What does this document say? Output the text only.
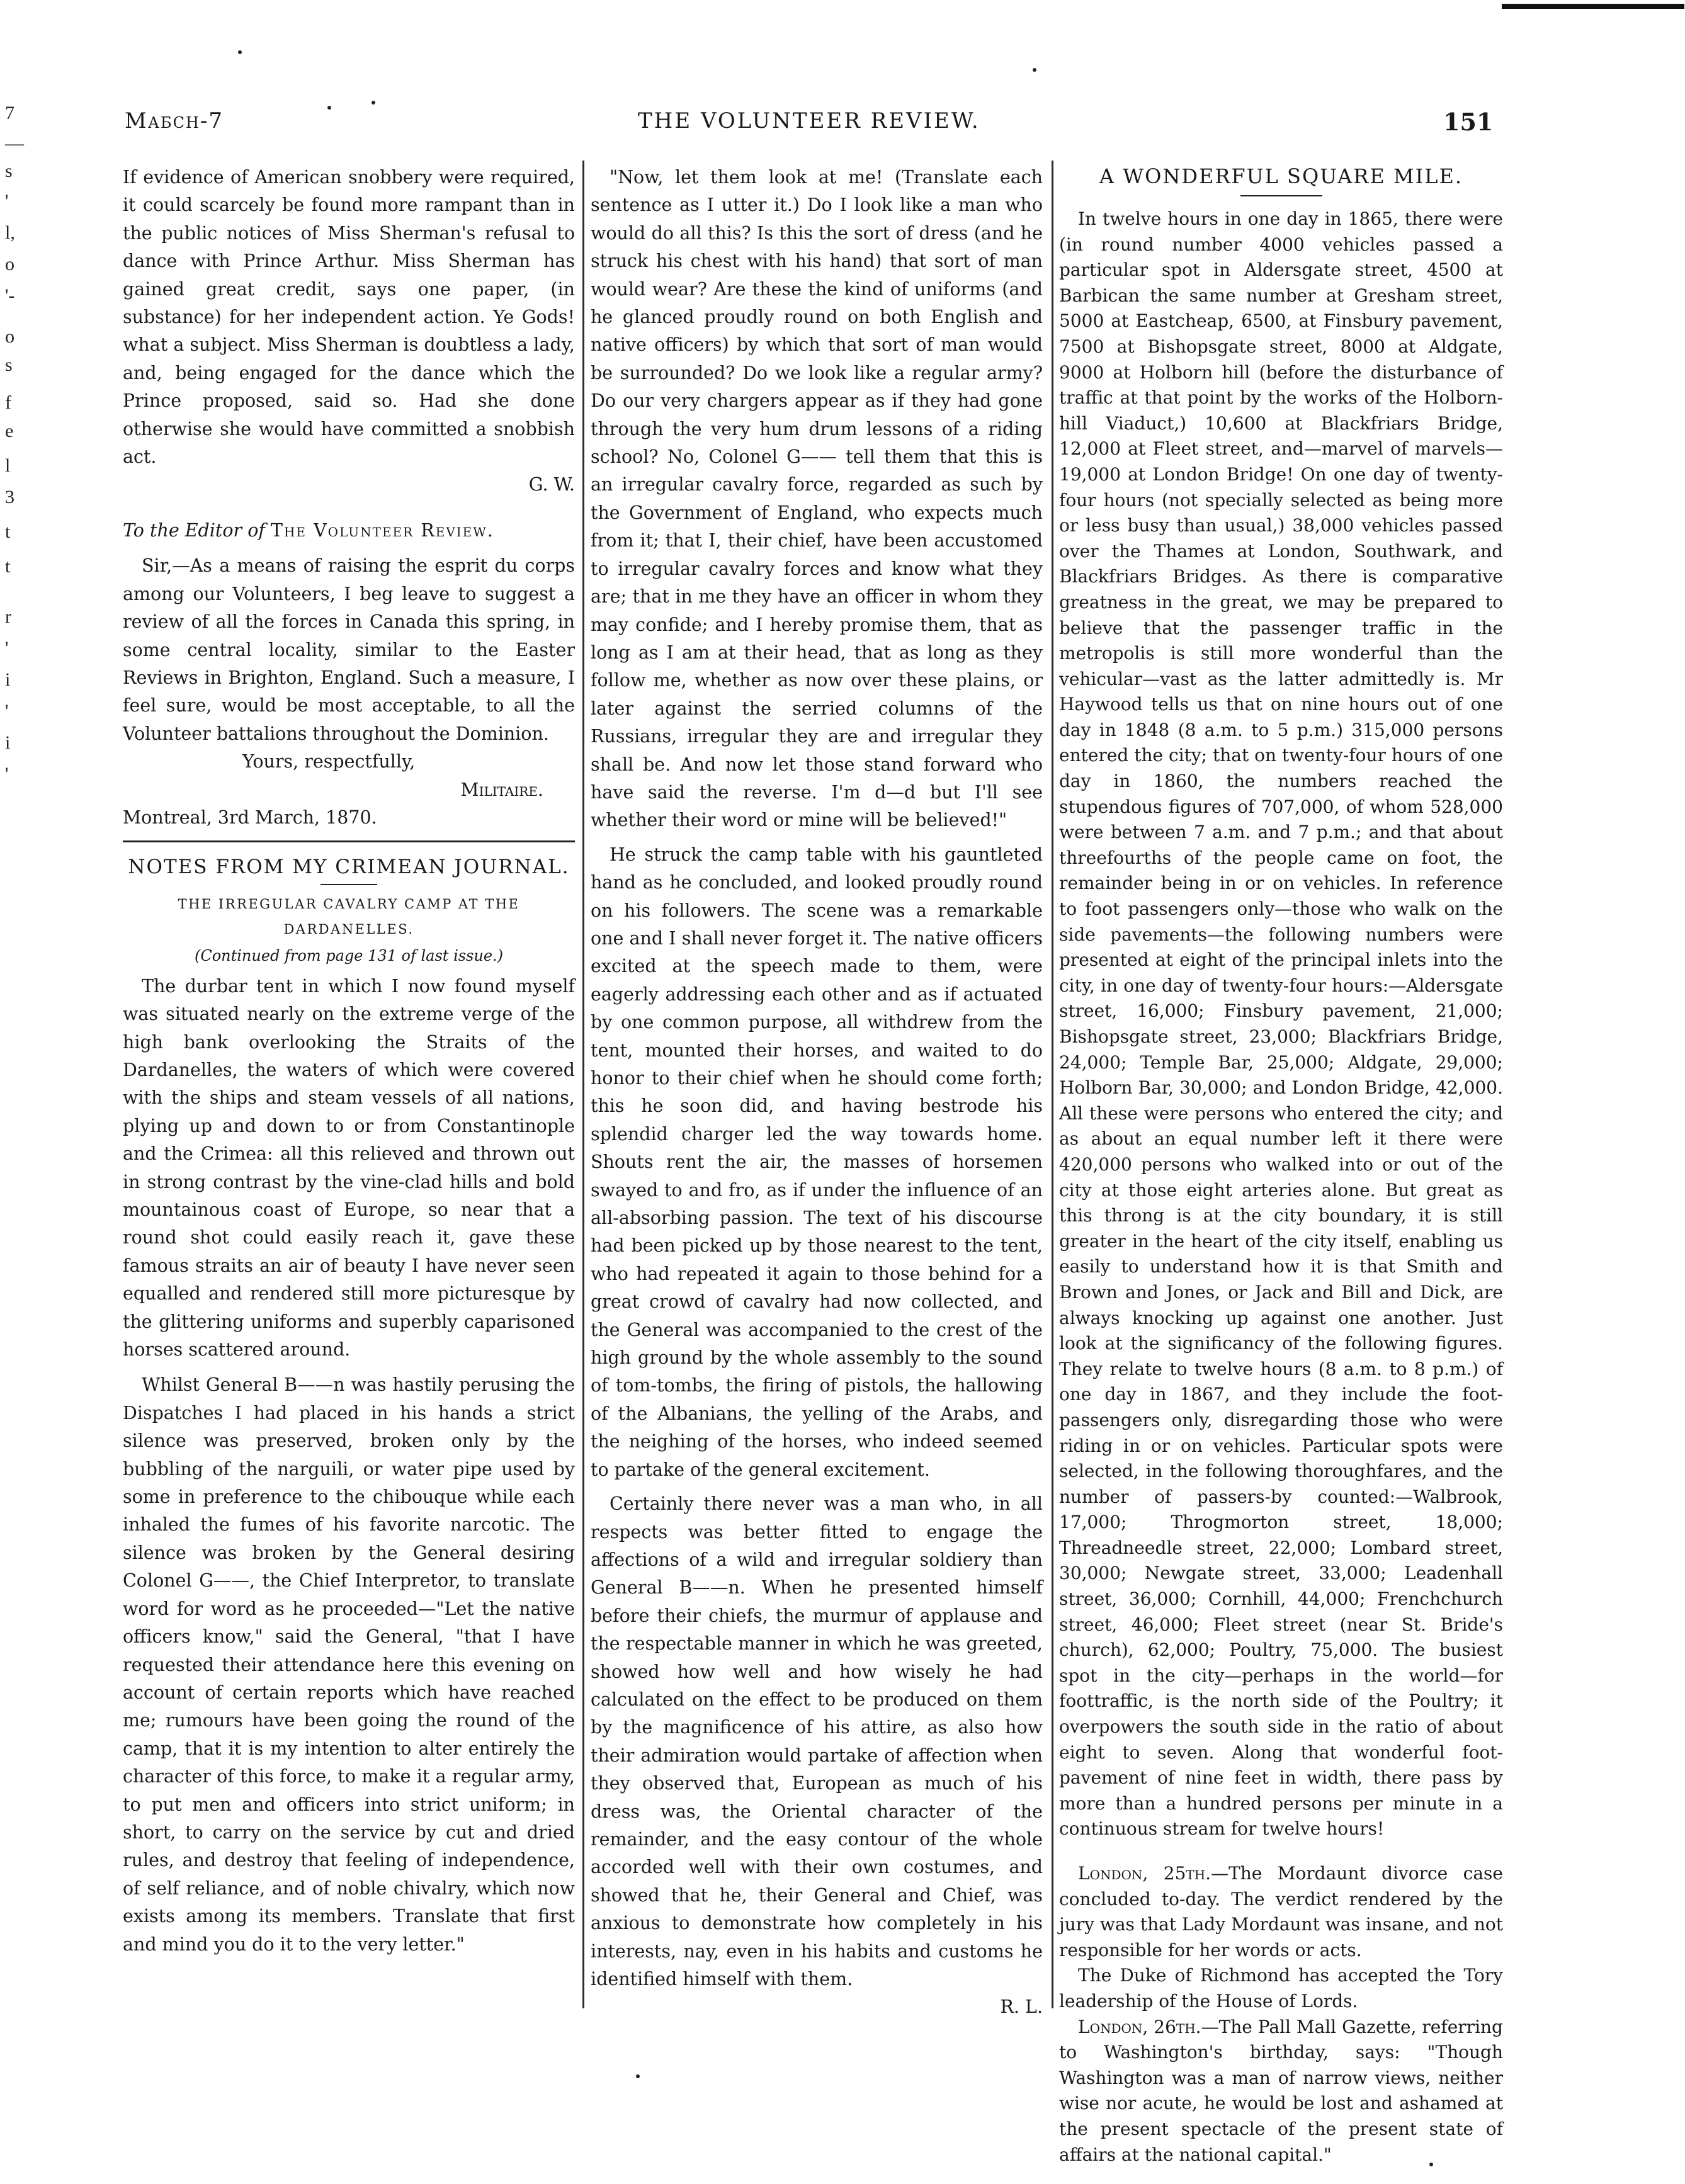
7
—
s
'
l,
o
'-
o
s
f
e
l
3
t
t
r
'
i
'
i
'
Mабch-7	THE VOLUNTEER REVIEW.	151

If evidence of American snobbery were required, it could scarcely be found more rampant than in the public notices of Miss Sherman's refusal to dance with Prince Arthur. Miss Sherman has gained great credit, says one paper, (in substance) for her independent action. Ye Gods! what a subject. Miss Sherman is doubtless a lady, and, being engaged for the dance which the Prince proposed, said so. Had she done otherwise she would have committed a snobbish act.

G. W.

To the Editor of The Volunteer Review.

Sir,—As a means of raising the esprit du corps among our Volunteers, I beg leave to suggest a review of all the forces in Canada this spring, in some central locality, similar to the Easter Reviews in Brighton, England. Such a measure, I feel sure, would be most acceptable, to all the Volunteer battalions throughout the Dominion.

Yours, respectfully,

Militaire.

Montreal, 3rd March, 1870.

NOTES FROM MY CRIMEAN JOURNAL.

THE IRREGULAR CAVALRY CAMP AT THE

DARDANELLES.

(Continued from page 131 of last issue.)

The durbar tent in which I now found myself was situated nearly on the extreme verge of the high bank overlooking the Straits of the Dardanelles, the waters of which were covered with the ships and steam vessels of all nations, plying up and down to or from Constantinople and the Crimea: all this relieved and thrown out in strong contrast by the vine-clad hills and bold mountainous coast of Europe, so near that a round shot could easily reach it, gave these famous straits an air of beauty I have never seen equalled and rendered still more picturesque by the glittering uniforms and superbly caparisoned horses scattered around.

Whilst General B——n was hastily perusing the Dispatches I had placed in his hands a strict silence was preserved, broken only by the bubbling of the narguili, or water pipe used by some in preference to the chibouque while each inhaled the fumes of his favorite narcotic. The silence was broken by the General desiring Colonel G——, the Chief Interpretor, to translate word for word as he proceeded—"Let the native officers know," said the General, "that I have requested their attendance here this evening on account of certain reports which have reached me; rumours have been going the round of the camp, that it is my intention to alter entirely the character of this force, to make it a regular army, to put men and officers into strict uniform; in short, to carry on the service by cut and dried rules, and destroy that feeling of independence, of self reliance, and of noble chivalry, which now exists among its members. Translate that first and mind you do it to the very letter."

"Now, let them look at me! (Translate each sentence as I utter it.) Do I look like a man who would do all this? Is this the sort of dress (and he struck his chest with his hand) that sort of man would wear? Are these the kind of uniforms (and he glanced proudly round on both English and native officers) by which that sort of man would be surrounded? Do we look like a regular army? Do our very chargers appear as if they had gone through the very hum drum lessons of a riding school? No, Colonel G—— tell them that this is an irregular cavalry force, regarded as such by the Government of England, who expects much from it; that I, their chief, have been accustomed to irregular cavalry forces and know what they are; that in me they have an officer in whom they may confide; and I hereby promise them, that as long as I am at their head, that as long as they follow me, whether as now over these plains, or later against the serried columns of the Russians, irregular they are and irregular they shall be. And now let those stand forward who have said the reverse. I'm d—d but I'll see whether their word or mine will be believed!"

He struck the camp table with his gauntleted hand as he concluded, and looked proudly round on his followers. The scene was a remarkable one and I shall never forget it. The native officers excited at the speech made to them, were eagerly addressing each other and as if actuated by one common purpose, all withdrew from the tent, mounted their horses, and waited to do honor to their chief when he should come forth; this he soon did, and having bestrode his splendid charger led the way towards home. Shouts rent the air, the masses of horsemen swayed to and fro, as if under the influence of an all-absorbing passion. The text of his discourse had been picked up by those nearest to the tent, who had repeated it again to those behind for a great crowd of cavalry had now collected, and the General was accompanied to the crest of the high ground by the whole assembly to the sound of tom-tombs, the firing of pistols, the hallowing of the Albanians, the yelling of the Arabs, and the neighing of the horses, who indeed seemed to partake of the general excitement.

Certainly there never was a man who, in all respects was better fitted to engage the affections of a wild and irregular soldiery than General B——n. When he presented himself before their chiefs, the murmur of applause and the respectable manner in which he was greeted, showed how well and how wisely he had calculated on the effect to be produced on them by the magnificence of his attire, as also how their admiration would partake of affection when they observed that, European as much of his dress was, the Oriental character of the remainder, and the easy contour of the whole accorded well with their own costumes, and showed that he, their General and Chief, was anxious to demonstrate how completely in his interests, nay, even in his habits and customs he identified himself with them.

R. L.

A WONDERFUL SQUARE MILE.

In twelve hours in one day in 1865, there were (in round number 4000 vehicles passed a particular spot in Aldersgate street, 4500 at Barbican the same number at Gresham street, 5000 at Eastcheap, 6500, at Finsbury pavement, 7500 at Bishopsgate street, 8000 at Aldgate, 9000 at Holborn hill (before the disturbance of traffic at that point by the works of the Holborn-hill Viaduct,) 10,600 at Blackfriars Bridge, 12,000 at Fleet street, and—marvel of marvels—19,000 at London Bridge! On one day of twenty-four hours (not specially selected as being more or less busy than usual,) 38,000 vehicles passed over the Thames at London, Southwark, and Blackfriars Bridges. As there is comparative greatness in the great, we may be prepared to believe that the passenger traffic in the metropolis is still more wonderful than the vehicular—vast as the latter admittedly is. Mr Haywood tells us that on nine hours out of one day in 1848 (8 a.m. to 5 p.m.) 315,000 persons entered the city; that on twenty-four hours of one day in 1860, the numbers reached the stupendous figures of 707,000, of whom 528,000 were between 7 a.m. and 7 p.m.; and that about threefourths of the people came on foot, the remainder being in or on vehicles. In reference to foot passengers only—those who walk on the side pavements—the following numbers were presented at eight of the principal inlets into the city, in one day of twenty-four hours:—Aldersgate street, 16,000; Finsbury pavement, 21,000; Bishopsgate street, 23,000; Blackfriars Bridge, 24,000; Temple Bar, 25,000; Aldgate, 29,000; Holborn Bar, 30,000; and London Bridge, 42,000. All these were persons who entered the city; and as about an equal number left it there were 420,000 persons who walked into or out of the city at those eight arteries alone. But great as this throng is at the city boundary, it is still greater in the heart of the city itself, enabling us easily to understand how it is that Smith and Brown and Jones, or Jack and Bill and Dick, are always knocking up against one another. Just look at the significancy of the following figures. They relate to twelve hours (8 a.m. to 8 p.m.) of one day in 1867, and they include the foot-passengers only, disregarding those who were riding in or on vehicles. Particular spots were selected, in the following thoroughfares, and the number of passers-by counted:—Walbrook, 17,000; Throgmorton street, 18,000; Threadneedle street, 22,000; Lombard street, 30,000; Newgate street, 33,000; Leadenhall street, 36,000; Cornhill, 44,000; Frenchchurch street, 46,000; Fleet street (near St. Bride's church), 62,000; Poultry, 75,000. The busiest spot in the city—perhaps in the world—for foottraffic, is the north side of the Poultry; it overpowers the south side in the ratio of about eight to seven. Along that wonderful foot-pavement of nine feet in width, there pass by more than a hundred persons per minute in a continuous stream for twelve hours!

London, 25th.—The Mordaunt divorce case concluded to-day. The verdict rendered by the jury was that Lady Mordaunt was insane, and not responsible for her words or acts.

The Duke of Richmond has accepted the Tory leadership of the House of Lords.

London, 26th.—The Pall Mall Gazette, referring to Washington's birthday, says: "Though Washington was a man of narrow views, neither wise nor acute, he would be lost and ashamed at the present spectacle of the present state of affairs at the national capital."
